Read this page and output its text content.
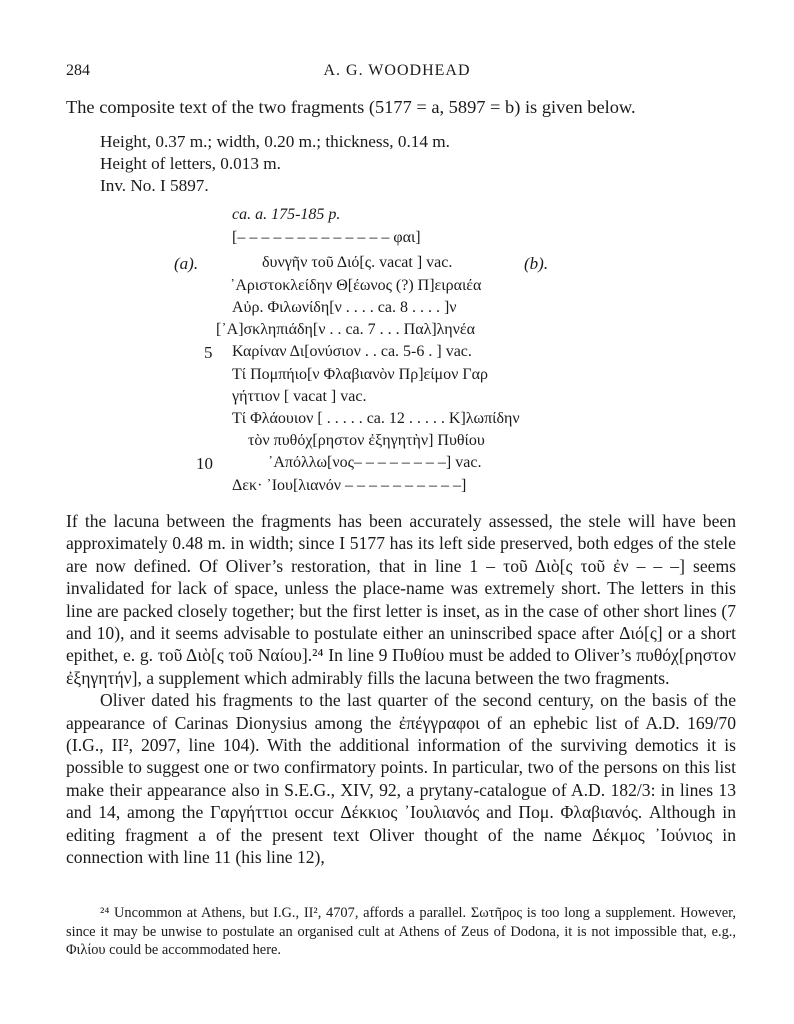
284	A. G. WOODHEAD
The composite text of the two fragments (5177 = a, 5897 = b) is given below.
Height, 0.37 m.; width, 0.20 m.; thickness, 0.14 m.
Height of letters, 0.013 m.
Inv. No. I 5897.
ca. a. 175-185 p.
[– – – – – – – – – – – – – φαι]
(a).	δυνγῆν τοῦ Διό[ς. vacat ] vac.	(b).
᾿Αριστοκλείδην Θ[έωνος (?) Π]ειραιέα
Αὐρ. Φιλωνίδη[ν . . . . ca. 8 . . . . ]ν
[᾿Α]σκληπιάδη[ν . . ca. 7 . . . Παλ]ληνέα
5 Καρίναν Δι[ονύσιον . . ca. 5-6 . ] vac.
Τί Πομπήιο[ν Φλαβιανὸν Πρ]είμον Γαρ
γήττιον [ vacat ] vac.
Τί Φλάουιον [ . . . . . ca. 12 . . . . . Κ]λωπίδην
τὸν πυθόχ[ρηστον ἐξηγητὴν] Πυθίου
10	᾿Απόλλω[νος– – – – – – – –] vac.
Δεκ· ᾿Ιου[λιανόν – – – – – – – – – –]

If the lacuna between the fragments has been accurately assessed, the stele will have been approximately 0.48 m. in width; since I 5177 has its left side preserved, both edges of the stele are now defined. Of Oliver’s restoration, that in line 1 – τοῦ Διὸ[ς τοῦ ἐν – – –] seems invalidated for lack of space, unless the place-name was extremely short. The letters in this line are packed closely together; but the first letter is inset, as in the case of other short lines (7 and 10), and it seems advisable to postulate either an uninscribed space after Διό[ς] or a short epithet, e. g. τοῦ Διὸ[ς τοῦ Ναίου].²⁴ In line 9 Πυθίου must be added to Oliver’s πυθόχ[ρηστον ἐξηγητήν], a supplement which admirably fills the lacuna between the two fragments.

Oliver dated his fragments to the last quarter of the second century, on the basis of the appearance of Carinas Dionysius among the ἐπέγγραφοι of an ephebic list of A.D. 169/70 (I.G., II², 2097, line 104). With the additional information of the surviving demotics it is possible to suggest one or two confirmatory points. In particular, two of the persons on this list make their appearance also in S.E.G., XIV, 92, a prytany-catalogue of A.D. 182/3: in lines 13 and 14, among the Γαργήττιοι occur Δέκκιος ᾿Ιουλιανός and Πομ. Φλαβιανός. Although in editing fragment a of the present text Oliver thought of the name Δέκμος ᾿Ιούνιος in connection with line 11 (his line 12),

²⁴ Uncommon at Athens, but I.G., II², 4707, affords a parallel. Σωτῆρος is too long a supplement. However, since it may be unwise to postulate an organised cult at Athens of Zeus of Dodona, it is not impossible that, e.g., Φιλίου could be accommodated here.
